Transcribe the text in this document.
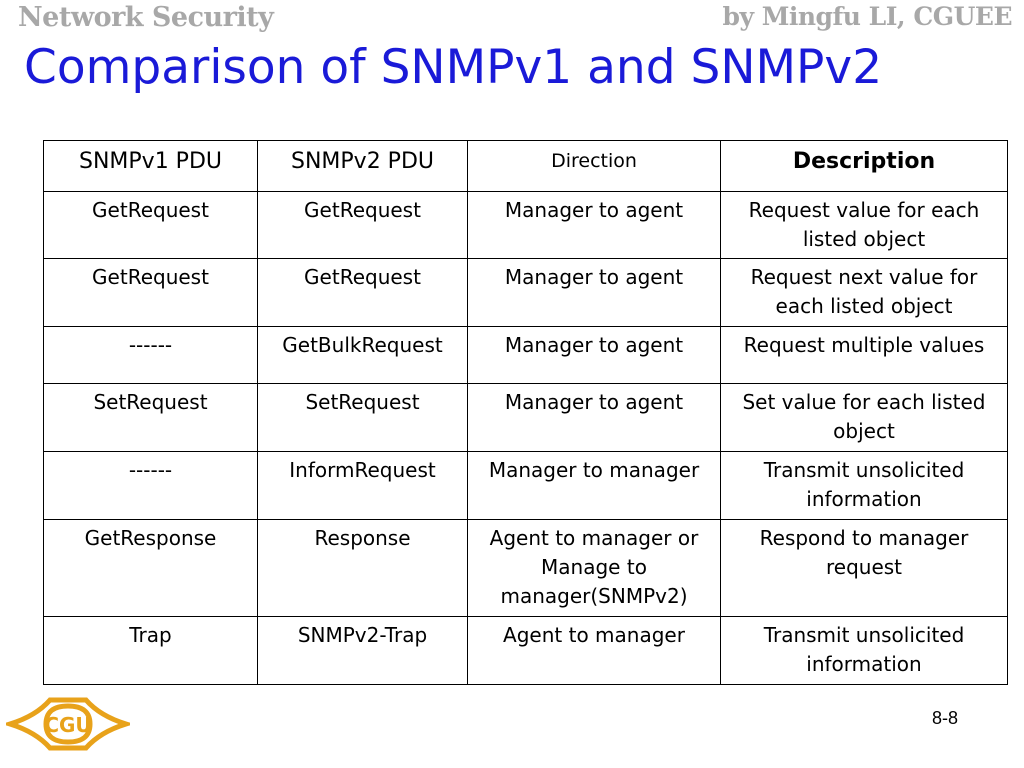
Network Security	by Mingfu LI, CGUEE
Comparison of SNMPv1 and SNMPv2
SNMPv1 PDU	SNMPv2 PDU	Direction	Description
GetRequest	GetRequest	Manager to agent	Request value for each listed object
GetRequest	GetRequest	Manager to agent	Request next value for each listed object
------	GetBulkRequest	Manager to agent	Request multiple values
SetRequest	SetRequest	Manager to agent	Set value for each listed object
------	InformRequest	Manager to manager	Transmit unsolicited information
GetResponse	Response	Agent to manager or Manage to manager(SNMPv2)	Respond to manager request
Trap	SNMPv2-Trap	Agent to manager	Transmit unsolicited information
CGU	8-8
